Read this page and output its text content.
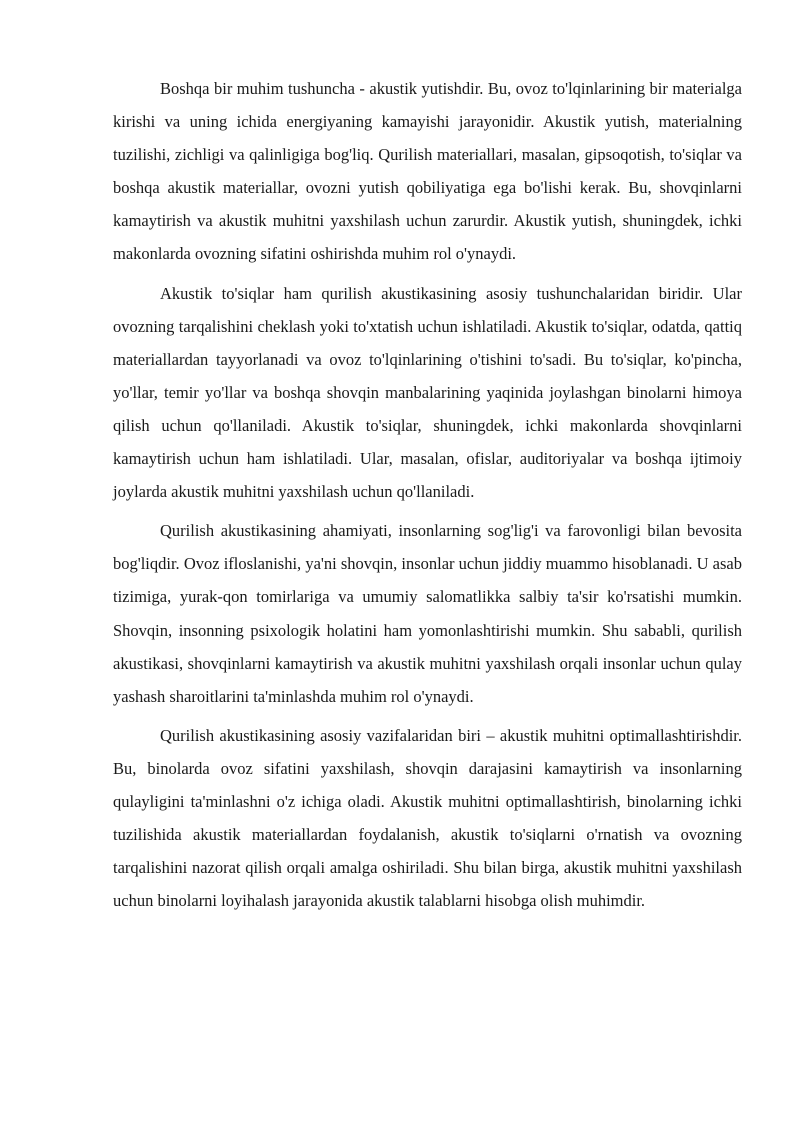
Boshqa bir muhim tushuncha - akustik yutishdir. Bu, ovoz to'lqinlarining bir materialga kirishi va uning ichida energiyaning kamayishi jarayonidir. Akustik yutish, materialning tuzilishi, zichligi va qalinligiga bog'liq. Qurilish materiallari, masalan, gipsoqotish, to'siqlar va boshqa akustik materiallar, ovozni yutish qobiliyatiga ega bo'lishi kerak. Bu, shovqinlarni kamaytirish va akustik muhitni yaxshilash uchun zarurdir. Akustik yutish, shuningdek, ichki makonlarda ovozning sifatini oshirishda muhim rol o'ynaydi.

Akustik to'siqlar ham qurilish akustikasining asosiy tushunchalaridan biridir. Ular ovozning tarqalishini cheklash yoki to'xtatish uchun ishlatiladi. Akustik to'siqlar, odatda, qattiq materiallardan tayyorlanadi va ovoz to'lqinlarining o'tishini to'sadi. Bu to'siqlar, ko'pincha, yo'llar, temir yo'llar va boshqa shovqin manbalarining yaqinida joylashgan binolarni himoya qilish uchun qo'llaniladi. Akustik to'siqlar, shuningdek, ichki makonlarda shovqinlarni kamaytirish uchun ham ishlatiladi. Ular, masalan, ofislar, auditoriyalar va boshqa ijtimoiy joylarda akustik muhitni yaxshilash uchun qo'llaniladi.

Qurilish akustikasining ahamiyati, insonlarning sog'lig'i va farovonligi bilan bevosita bog'liqdir. Ovoz ifloslanishi, ya'ni shovqin, insonlar uchun jiddiy muammo hisoblanadi. U asab tizimiga, yurak-qon tomirlariga va umumiy salomatlikka salbiy ta'sir ko'rsatishi mumkin. Shovqin, insonning psixologik holatini ham yomonlashtirishi mumkin. Shu sababli, qurilish akustikasi, shovqinlarni kamaytirish va akustik muhitni yaxshilash orqali insonlar uchun qulay yashash sharoitlarini ta'minlashda muhim rol o'ynaydi.

Qurilish akustikasining asosiy vazifalaridan biri – akustik muhitni optimallashtirishdir. Bu, binolarda ovoz sifatini yaxshilash, shovqin darajasini kamaytirish va insonlarning qulayligini ta'minlashni o'z ichiga oladi. Akustik muhitni optimallashtirish, binolarning ichki tuzilishida akustik materiallardan foydalanish, akustik to'siqlarni o'rnatish va ovozning tarqalishini nazorat qilish orqali amalga oshiriladi. Shu bilan birga, akustik muhitni yaxshilash uchun binolarni loyihalash jarayonida akustik talablarni hisobga olish muhimdir.
